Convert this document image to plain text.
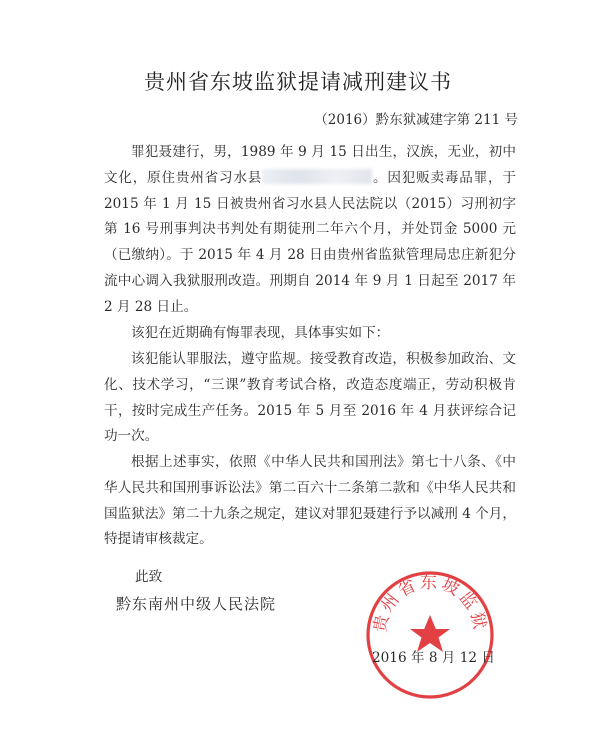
贵州省东坡监狱提请减刑建议书
（2016）黔东狱减建字第 211 号
罪犯聂建行，男，1989 年 9 月 15 日出生，汉族，无业，初中文化，原住贵州省习水县	。因犯贩卖毒品罪，于 2015 年 1 月 15 日被贵州省习水县人民法院以（2015）习刑初字第 16 号刑事判决书判处有期徒刑二年六个月，并处罚金 5000 元（已缴纳）。于 2015 年 4 月 28 日由贵州省监狱管理局忠庄新犯分流中心调入我狱服刑改造。刑期自 2014 年 9 月 1 日起至 2017 年 2 月 28 日止。
该犯在近期确有悔罪表现，具体事实如下：
该犯能认罪服法，遵守监规。接受教育改造，积极参加政治、文化、技术学习，“三课”教育考试合格，改造态度端正，劳动积极肯干，按时完成生产任务。2015 年 5 月至 2016 年 4 月获评综合记功一次。
根据上述事实，依照《中华人民共和国刑法》第七十八条、《中华人民共和国刑事诉讼法》第二百六十二条第二款和《中华人民共和国监狱法》第二十九条之规定，建议对罪犯聂建行予以减刑 4 个月，特提请审核裁定。
此致
黔东南州中级人民法院
贵州省东坡监狱
2016 年 8 月 12 日
